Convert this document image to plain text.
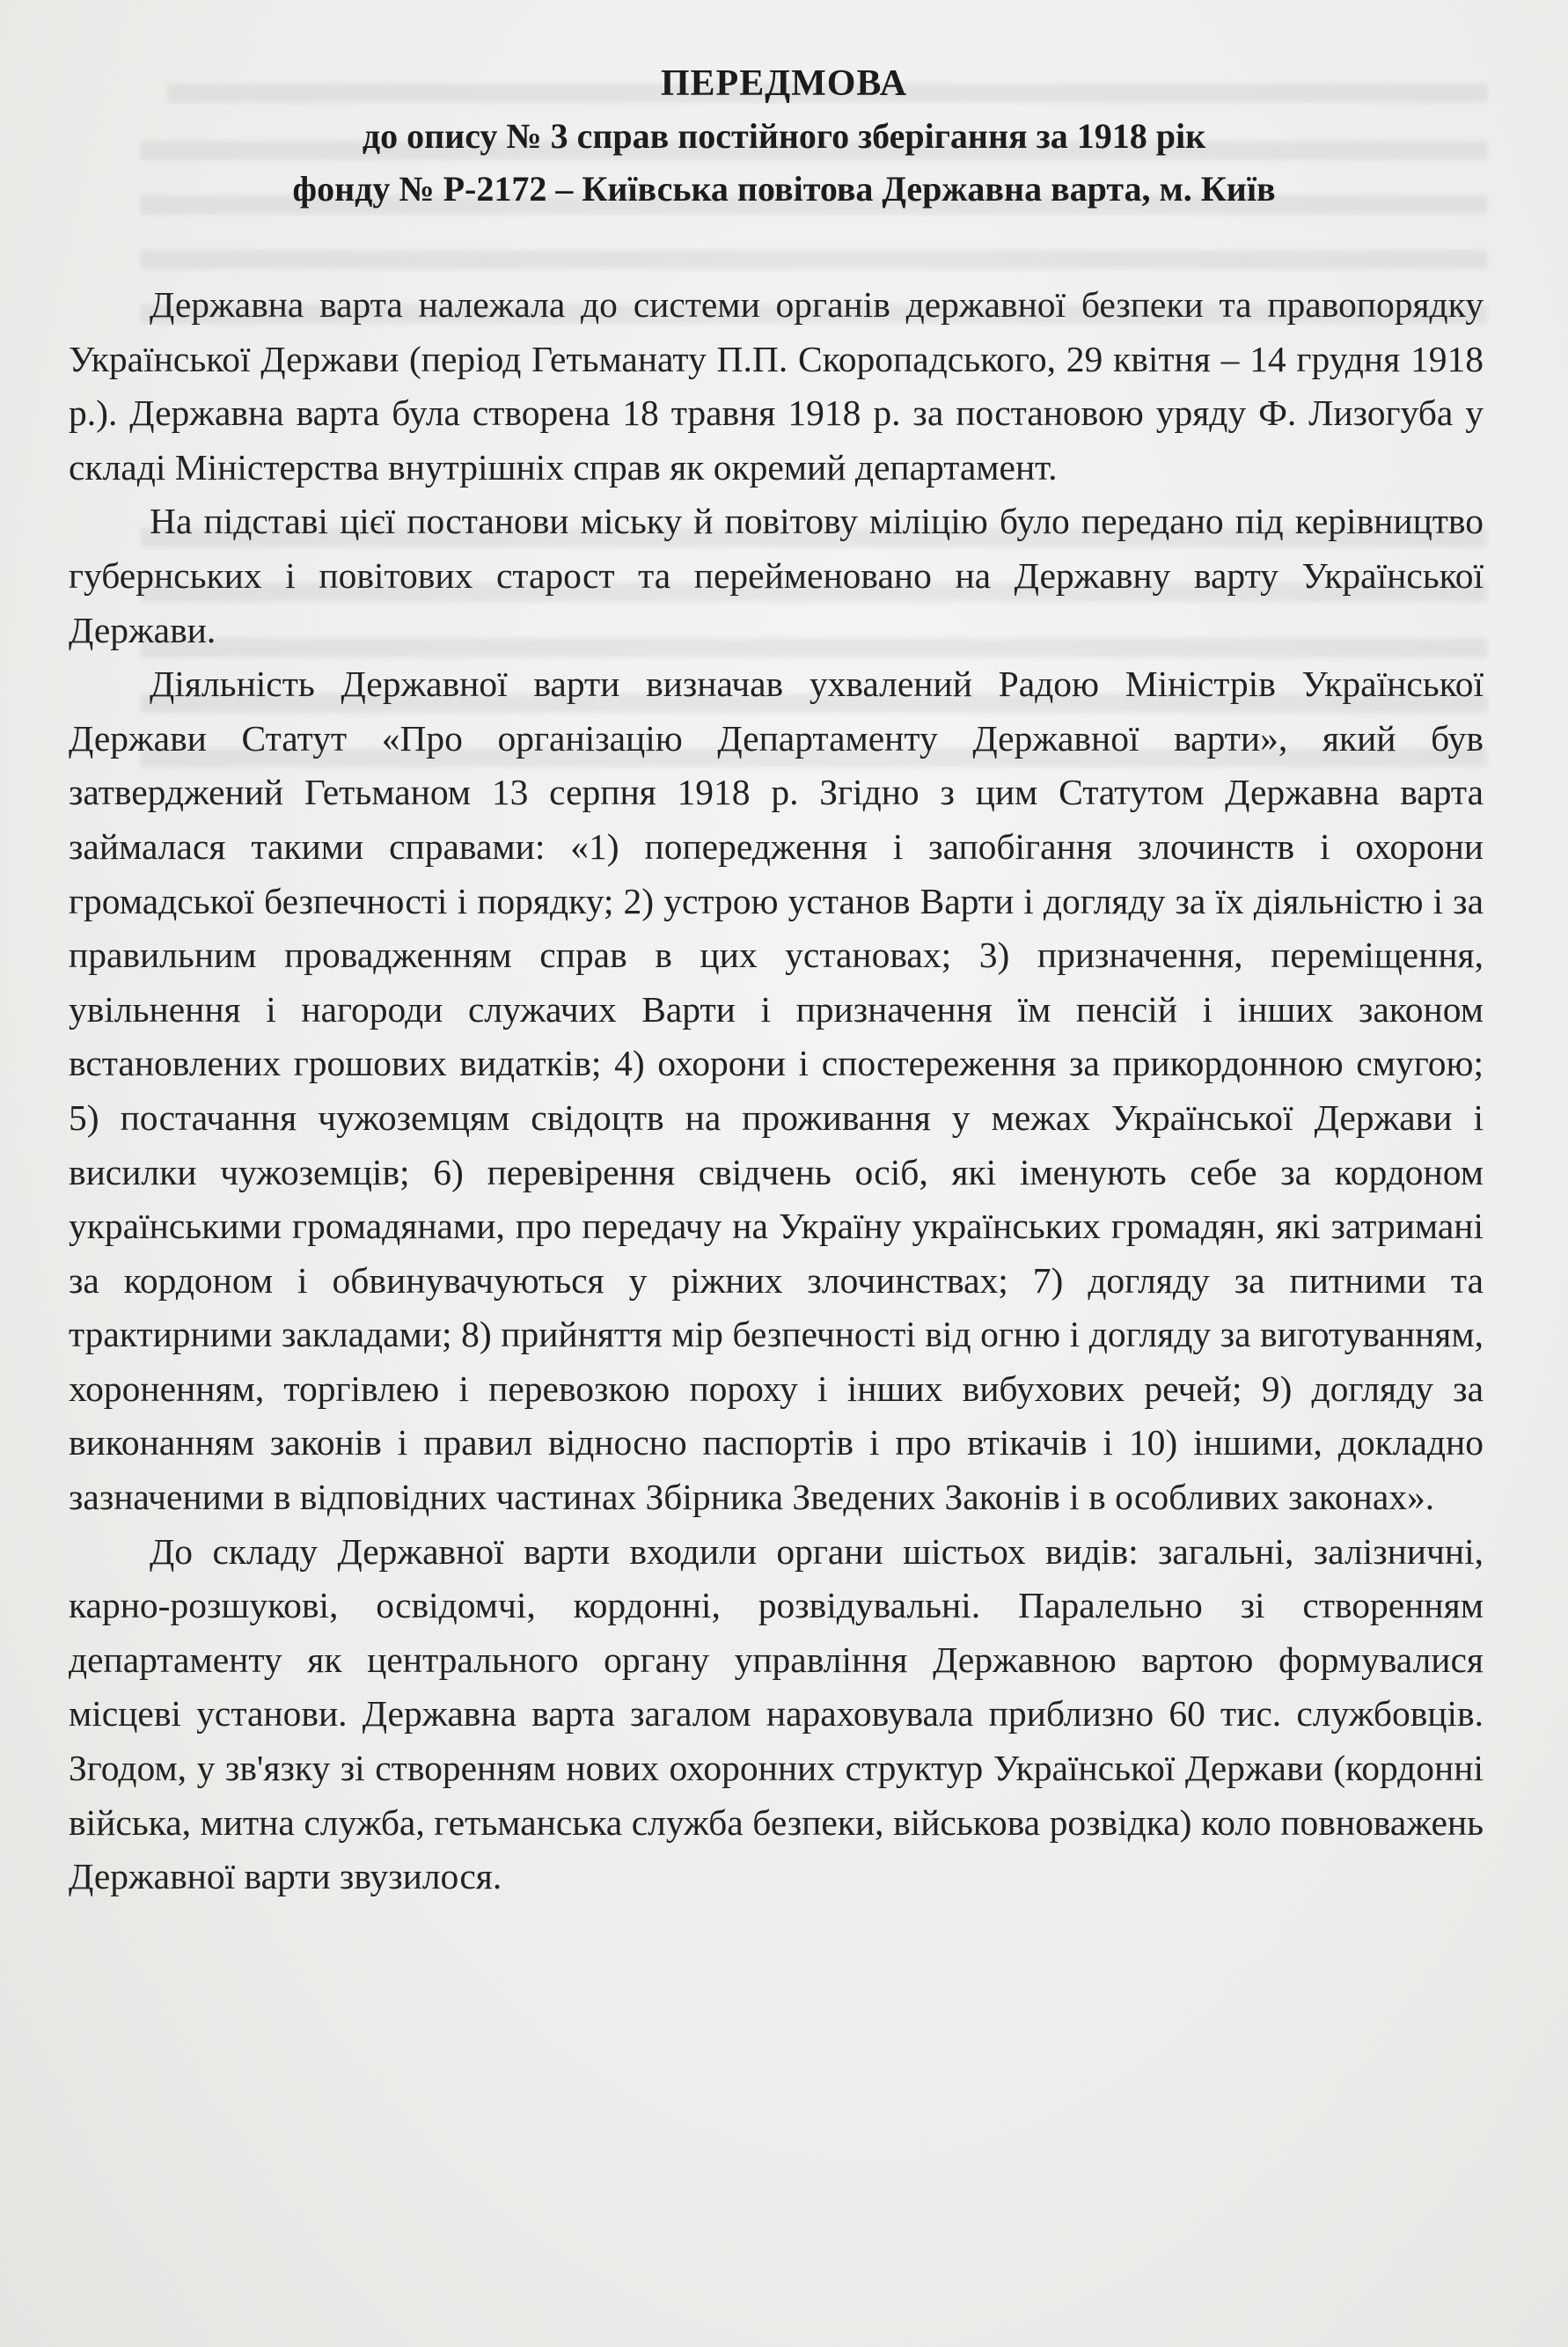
ПЕРЕДМОВА
до опису № 3 справ постійного зберігання за 1918 рік
фонду № Р-2172 – Київська повітова Державна варта, м. Київ

Державна варта належала до системи органів державної безпеки та правопорядку Української Держави (період Гетьманату П.П. Скоропадського, 29 квітня – 14 грудня 1918 р.). Державна варта була створена 18 травня 1918 р. за постановою уряду Ф. Лизогуба у складі Міністерства внутрішніх справ як окремий департамент.

На підставі цієї постанови міську й повітову міліцію було передано під керівництво губернських і повітових старост та перейменовано на Державну варту Української Держави.

Діяльність Державної варти визначав ухвалений Радою Міністрів Української Держави Статут «Про організацію Департаменту Державної варти», який був затверджений Гетьманом 13 серпня 1918 р. Згідно з цим Статутом Державна варта займалася такими справами: «1) попередження і запобігання злочинств і охорони громадської безпечності і порядку; 2) устрою установ Варти і догляду за їх діяльністю і за правильним провадженням справ в цих установах; 3) призначення, переміщення, увільнення і нагороди служачих Варти і призначення їм пенсій і інших законом встановлених грошових видатків; 4) охорони і спостереження за прикордонною смугою; 5) постачання чужоземцям свідоцтв на проживання у межах Української Держави і висилки чужоземців; 6) перевірення свідчень осіб, які іменують себе за кордоном українськими громадянами, про передачу на Україну українських громадян, які затримані за кордоном і обвинувачуються у ріжних злочинствах; 7) догляду за питними та трактирними закладами; 8) прийняття мір безпечності від огню і догляду за виготуванням, хороненням, торгівлею і перевозкою пороху і інших вибухових речей; 9) догляду за виконанням законів і правил відносно паспортів і про втікачів і 10) іншими, докладно зазначеними в відповідних частинах Збірника Зведених Законів і в особливих законах».

До складу Державної варти входили органи шістьох видів: загальні, залізничні, карно-розшукові, освідомчі, кордонні, розвідувальні. Паралельно зі створенням департаменту як центрального органу управління Державною вартою формувалися місцеві установи. Державна варта загалом нараховувала приблизно 60 тис. службовців. Згодом, у зв'язку зі створенням нових охоронних структур Української Держави (кордонні війська, митна служба, гетьманська служба безпеки, військова розвідка) коло повноважень Державної варти звузилося.
